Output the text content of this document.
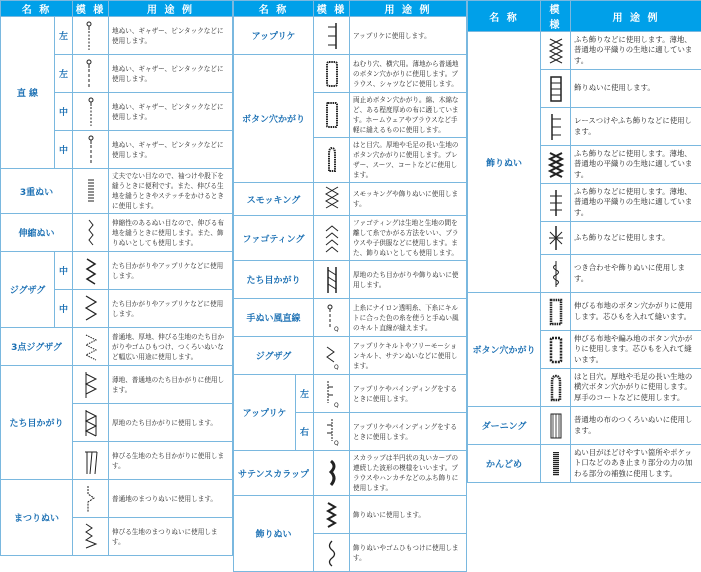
名 称		模 様	用 途 例
直 線	左		地ぬい、ギャザー、ピンタックなどに使用します。
	左		地ぬい、ギャザー、ピンタックなどに使用します。
	中		地ぬい、ギャザー、ピンタックなどに使用します。
	中		地ぬい、ギャザー、ピンタックなどに使用します。
3重ぬい			丈夫でない目なので、袖つけや股下を縫うときに便利です。また、伸びる生地を縫うときやステッチをかけるときに使用します。
伸縮ぬい			伸縮性のあるぬい目なので、伸びる布地を縫うときに使用します。また、飾りぬいとしても使用します。
ジグザグ	中		たち目かがりやアップリケなどに使用します。
	中		たち目かがりやアップリケなどに使用します。
3点ジグザグ			普通地、厚地、伸びる生地のたち目かがりやゴムひもつけ、つくろいぬいなど幅広い用途に使用します。
たち目かがり			薄地、普通地のたち目かがりに使用します。

	厚地のたち目かがりに使用します。

	伸びる生地のたち目かがりに使用します。
まつりぬい			普通地のまつりぬいに使用します。

	伸びる生地のまつりぬいに使用します。
名 称		模 様	用 途 例
アップリケ			アップリケに使用します。
ボタン穴かがり			ねむり穴、横穴用。薄地から普通地のボタン穴かがりに使用します。ブラウス、シャツなどに使用します。

	両止めボタン穴かがり。綿、木綿など、ある程度厚めの布に適しています。ホームウェアやブラウスなど手軽に縫えるものに使用します。

	はと目穴。厚地や毛足の長い生地のボタン穴かがりに使用します。ブレザー、スーツ、コートなどに使用します。
スモッキング			スモッキングや飾りぬいに使用します。
ファゴティング			ファゴティングは生地と生地の間を離して糸でかがる方法をいい、ブラウスや子供服などに使用します。また、飾りぬいとしても使用します。
たち目かがり			厚地のたち目かがりや飾りぬいに使用します。
手ぬい風直線		Q	上糸にナイロン透明糸、下糸にキルトに合った色の糸を使うと手ぬい風のキルト直線が縫えます。
ジグザグ		Q	アップリケキルトやフリーモーションキルト、サテンぬいなどに使用します。
アップリケ	左	Q	アップリケやバインディングをするときに使用します。
	右	Q	アップリケやバインディングをするときに使用します。
サテンスカラップ			スカラップは半円状の丸いカーブの連続した波形の模様をいいます。ブラウスやハンカチなどのふち飾りに使用します。
飾りぬい			飾りぬいに使用します。

	飾りぬいやゴムひもつけに使用します。
名 称	模 様	用 途 例
飾りぬい		ふち飾りなどに使用します。薄地、普通地の平織りの生地に適しています。

	飾りぬいに使用します。

	レースつけやふち飾りなどに使用します。

	ふち飾りなどに使用します。薄地、普通地の平織りの生地に適しています。

	ふち飾りなどに使用します。薄地、普通地の平織りの生地に適しています。

	ふち飾りなどに使用します。

	つき合わせや飾りぬいに使用します。
ボタン穴かがり		伸びる布地のボタン穴かがりに使用します。芯ひもを入れて縫います。

	伸びる布地や編み地のボタン穴かがりに使用します。芯ひもを入れて縫います。

	はと目穴。厚地や毛足の長い生地の横穴ボタン穴かがりに使用します。厚手のコートなどに使用します。
ダーニング		普通地の布のつくろいぬいに使用します。
かんどめ		ぬい目がほどけやすい箇所やポケット口などのあき止まり部分の力の加わる部分の補強に使用します。
